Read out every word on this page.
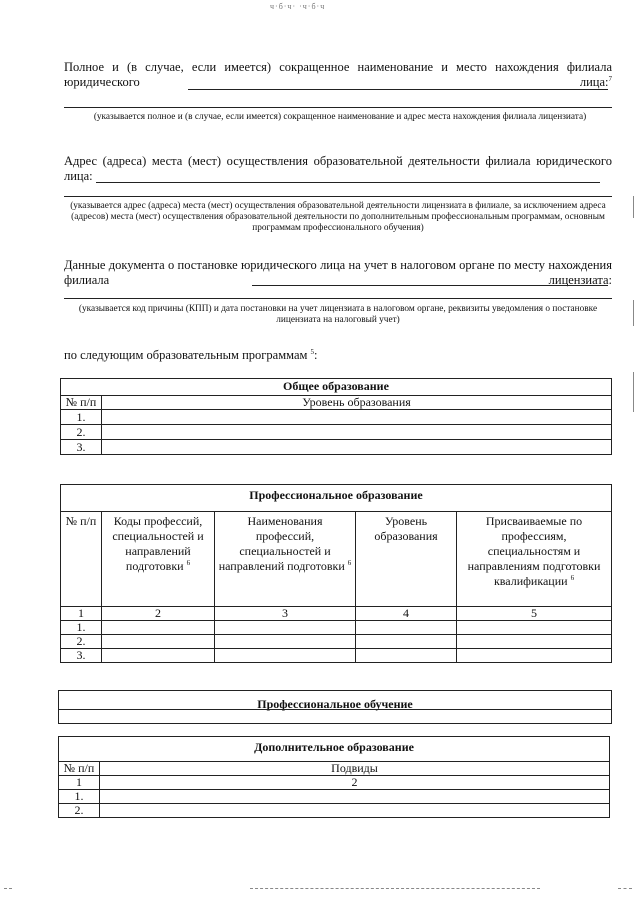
ч·б·ч· ·ч·б·ч
Полное и (в случае, если имеется) сокращенное наименование и место нахождения филиала юридического лица:$^7$
(указывается полное и (в случае, если имеется) сокращенное наименование и адрес места нахождения филиала лицензиата)
Адрес (адреса) места (мест) осуществления образовательной деятельности филиала юридического лица:
(указывается адрес (адреса) места (мест) осуществления образовательной деятельности лицензиата в филиале, за исключением адреса (адресов) места (мест) осуществления образовательной деятельности по дополнительным профессиональным программам, основным программам профессионального обучения)
Данные документа о постановке юридического лица на учет в налоговом органе по месту нахождения филиала лицензиата:
(указывается код причины (КПП) и дата постановки на учет лицензиата в налоговом органе, реквизиты уведомления о постановке лицензиата на налоговый учет)
по следующим образовательным программам $^5$:
Общее образование	
№ п/п	Уровень образования
1.	
2.	
3.	
Профессиональное образование				
№ п/п	Коды профессий, специальностей и направлений подготовки $^6$	Наименования профессий, специальностей и направлений подготовки $^6$	Уровень образования	Присваиваемые по профессиям, специальностям и направлениям подготовки квалификации $^6$
1	2	3	4	5
1.				
2.				
3.				
Профессиональное обучение
Дополнительное образование	
№ п/п	Подвиды
1	2
1.	
2.	
